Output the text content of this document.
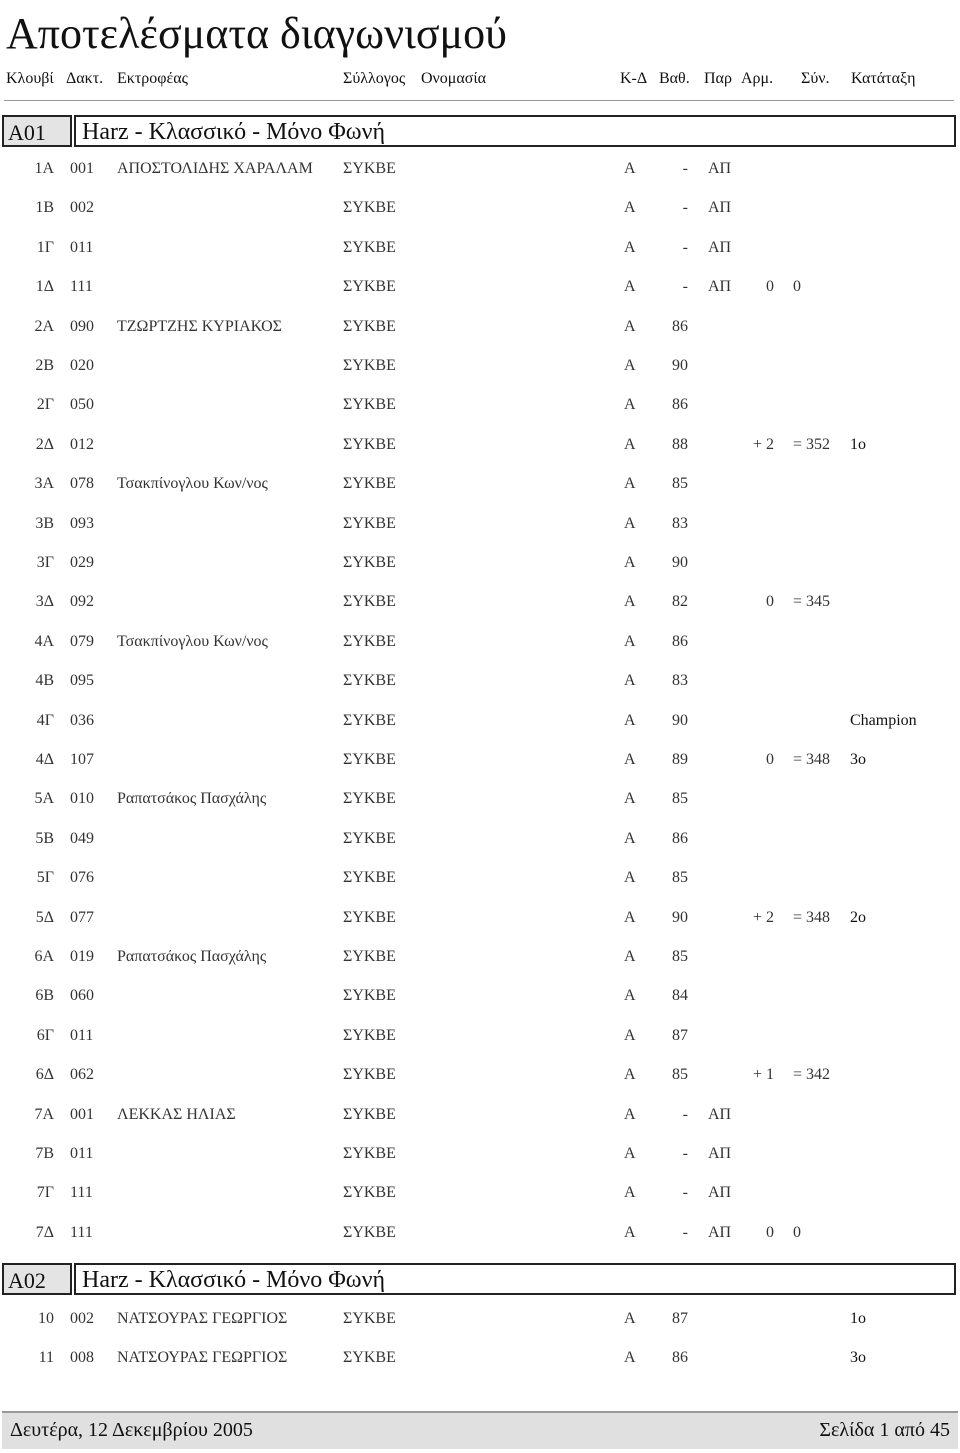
Αποτελέσματα διαγωνισμού
Κλουβί Δακτ. Εκτροφέας	Σύλλογος Ονομασία	Κ-Δ Βαθ. Παρ Αρμ. Σύν. Κατάταξη
A01	Harz - Κλασσικό - Μόνο Φωνή
1Α 001 ΑΠΟΣΤΟΛΙΔΗΣ ΧΑΡΑΛΑΜ ΣΥΚΒΕ	Α	- ΑΠ
1Β 002	ΣΥΚΒΕ	Α	- ΑΠ
1Γ 011	ΣΥΚΒΕ	Α	- ΑΠ
1Δ 111	ΣΥΚΒΕ	Α	- ΑΠ 0 0
2Α 090 ΤΖΩΡΤΖΗΣ ΚΥΡΙΑΚΟΣ	ΣΥΚΒΕ	Α 86
2Β 020	ΣΥΚΒΕ	Α 90
2Γ 050	ΣΥΚΒΕ	Α 86
2Δ 012	ΣΥΚΒΕ	Α 88	+ 2 = 352 1ο
3Α 078 Τσακπίνογλου Κων/νος	ΣΥΚΒΕ	Α 85
3Β 093	ΣΥΚΒΕ	Α 83
3Γ 029	ΣΥΚΒΕ	Α 90
3Δ 092	ΣΥΚΒΕ	Α 82	0 = 345
4Α 079 Τσακπίνογλου Κων/νος	ΣΥΚΒΕ	Α 86
4Β 095	ΣΥΚΒΕ	Α 83
4Γ 036	ΣΥΚΒΕ	Α 90	Champion
4Δ 107	ΣΥΚΒΕ	Α 89	0 = 348 3ο
5Α 010 Ραπατσάκος Πασχάλης	ΣΥΚΒΕ	Α 85
5Β 049	ΣΥΚΒΕ	Α 86
5Γ 076	ΣΥΚΒΕ	Α 85
5Δ 077	ΣΥΚΒΕ	Α 90	+ 2 = 348 2ο
6Α 019 Ραπατσάκος Πασχάλης	ΣΥΚΒΕ	Α 85
6Β 060	ΣΥΚΒΕ	Α 84
6Γ 011	ΣΥΚΒΕ	Α 87
6Δ 062	ΣΥΚΒΕ	Α 85	+ 1 = 342
7Α 001 ΛΕΚΚΑΣ ΗΛΙΑΣ	ΣΥΚΒΕ	Α	- ΑΠ
7Β 011	ΣΥΚΒΕ	Α	- ΑΠ
7Γ 111	ΣΥΚΒΕ	Α	- ΑΠ
7Δ 111	ΣΥΚΒΕ	Α	- ΑΠ 0 0
A02	Harz - Κλασσικό - Μόνο Φωνή
10 002 ΝΑΤΣΟΥΡΑΣ ΓΕΩΡΓΙΟΣ	ΣΥΚΒΕ	Α 87	1ο
11 008 ΝΑΤΣΟΥΡΑΣ ΓΕΩΡΓΙΟΣ	ΣΥΚΒΕ	Α 86	3ο
Δευτέρα, 12 Δεκεμβρίου 2005	Σελίδα 1 από 45
